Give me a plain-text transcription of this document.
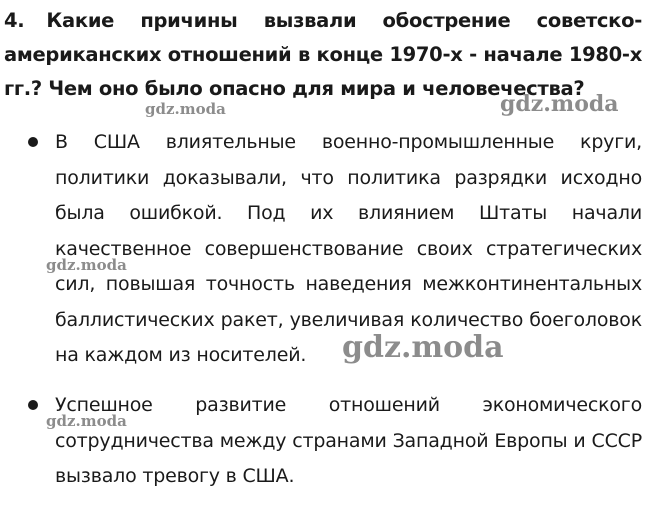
4. Какие причины вызвали обострение советско-американских отношений в конце 1970-х - начале 1980-х гг.? Чем оно было опасно для мира и человечества?
В США влиятельные военно-промышленные круги, политики доказывали, что политика разрядки исходно была ошибкой. Под их влиянием Штаты начали качественное совершенствование своих стратегических сил, повышая точность наведения межконтинентальных баллистических ракет, увеличивая количество боеголовок на каждом из носителей.
Успешное развитие отношений экономического сотрудничества между странами Западной Европы и СССР вызвало тревогу в США.
gdz.moda	gdz.moda
gdz.moda
gdz.moda
gdz.moda
